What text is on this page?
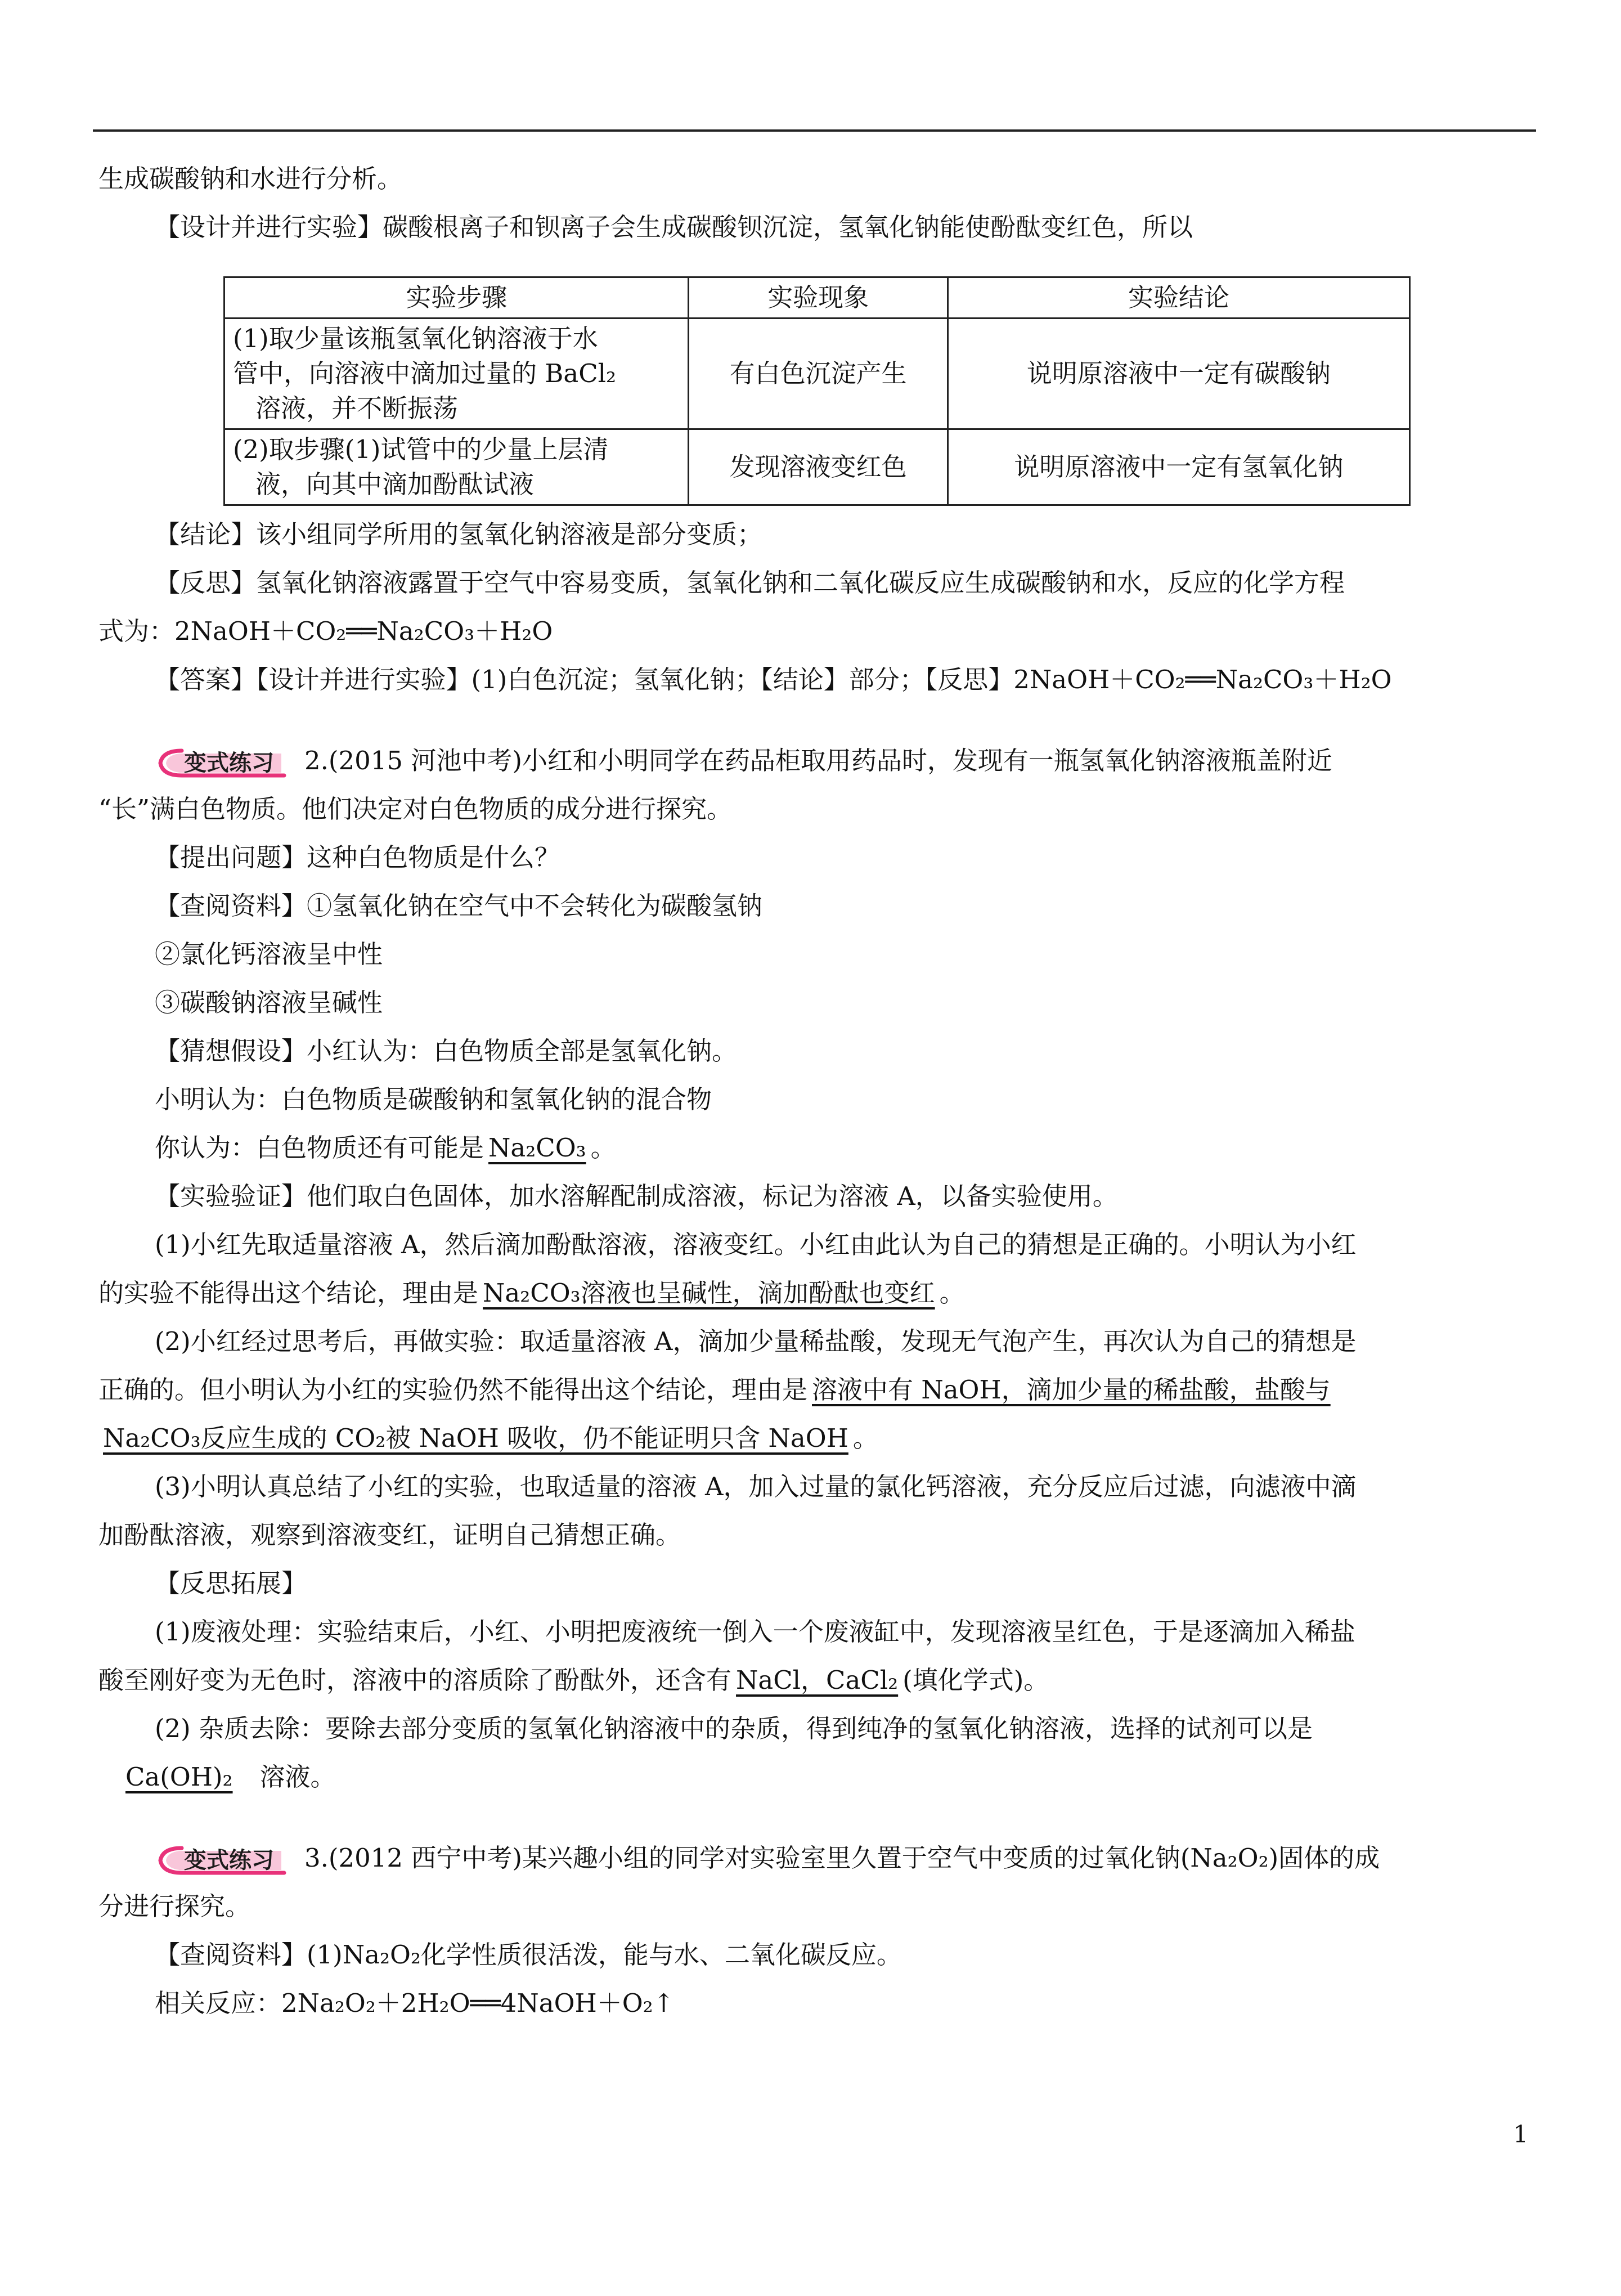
生成碳酸钠和水进行分析。
【设计并进行实验】碳酸根离子和钡离子会生成碳酸钡沉淀，氢氧化钠能使酚酞变红色，所以
实验步骤	实验现象	实验结论

(1)取少量该瓶氢氧化钠溶液于水
管中，向溶液中滴加过量的 BaCl₂
溶液，并不断振荡	有白色沉淀产生	说明原溶液中一定有碳酸钠

(2)取步骤(1)试管中的少量上层清
液，向其中滴加酚酞试液	发现溶液变红色	说明原溶液中一定有氢氧化钠
【结论】该小组同学所用的氢氧化钠溶液是部分变质；
【反思】氢氧化钠溶液露置于空气中容易变质，氢氧化钠和二氧化碳反应生成碳酸钠和水，反应的化学方程
式为：2NaOH＋CO₂══Na₂CO₃＋H₂O
【答案】【设计并进行实验】(1)白色沉淀；氢氧化钠；【结论】部分；【反思】2NaOH＋CO₂══Na₂CO₃＋H₂O
变式练习 2.(2015 河池中考)小红和小明同学在药品柜取用药品时，发现有一瓶氢氧化钠溶液瓶盖附近
“长”满白色物质。他们决定对白色物质的成分进行探究。
【提出问题】这种白色物质是什么？
【查阅资料】①氢氧化钠在空气中不会转化为碳酸氢钠
②氯化钙溶液呈中性
③碳酸钠溶液呈碱性
【猜想假设】小红认为：白色物质全部是氢氧化钠。
小明认为：白色物质是碳酸钠和氢氧化钠的混合物
你认为：白色物质还有可能是 Na₂CO₃ 。
【实验验证】他们取白色固体，加水溶解配制成溶液，标记为溶液 A，以备实验使用。
(1)小红先取适量溶液 A，然后滴加酚酞溶液，溶液变红。小红由此认为自己的猜想是正确的。小明认为小红
的实验不能得出这个结论，理由是 Na₂CO₃溶液也呈碱性，滴加酚酞也变红 。
(2)小红经过思考后，再做实验：取适量溶液 A，滴加少量稀盐酸，发现无气泡产生，再次认为自己的猜想是
正确的。但小明认为小红的实验仍然不能得出这个结论，理由是 溶液中有 NaOH，滴加少量的稀盐酸，盐酸与
Na₂CO₃反应生成的 CO₂被 NaOH 吸收，仍不能证明只含 NaOH 。
(3)小明认真总结了小红的实验，也取适量的溶液 A，加入过量的氯化钙溶液，充分反应后过滤，向滤液中滴
加酚酞溶液，观察到溶液变红，证明自己猜想正确。
【反思拓展】
(1)废液处理：实验结束后，小红、小明把废液统一倒入一个废液缸中，发现溶液呈红色，于是逐滴加入稀盐
酸至刚好变为无色时，溶液中的溶质除了酚酞外，还含有 NaCl，CaCl₂ (填化学式)。
(2) 杂质去除：要除去部分变质的氢氧化钠溶液中的杂质，得到纯净的氢氧化钠溶液，选择的试剂可以是
Ca(OH)₂ 溶液。
变式练习 3.(2012 西宁中考)某兴趣小组的同学对实验室里久置于空气中变质的过氧化钠(Na₂O₂)固体的成
分进行探究。
【查阅资料】(1)Na₂O₂化学性质很活泼，能与水、二氧化碳反应。
相关反应：2Na₂O₂＋2H₂O══4NaOH＋O₂↑
1
